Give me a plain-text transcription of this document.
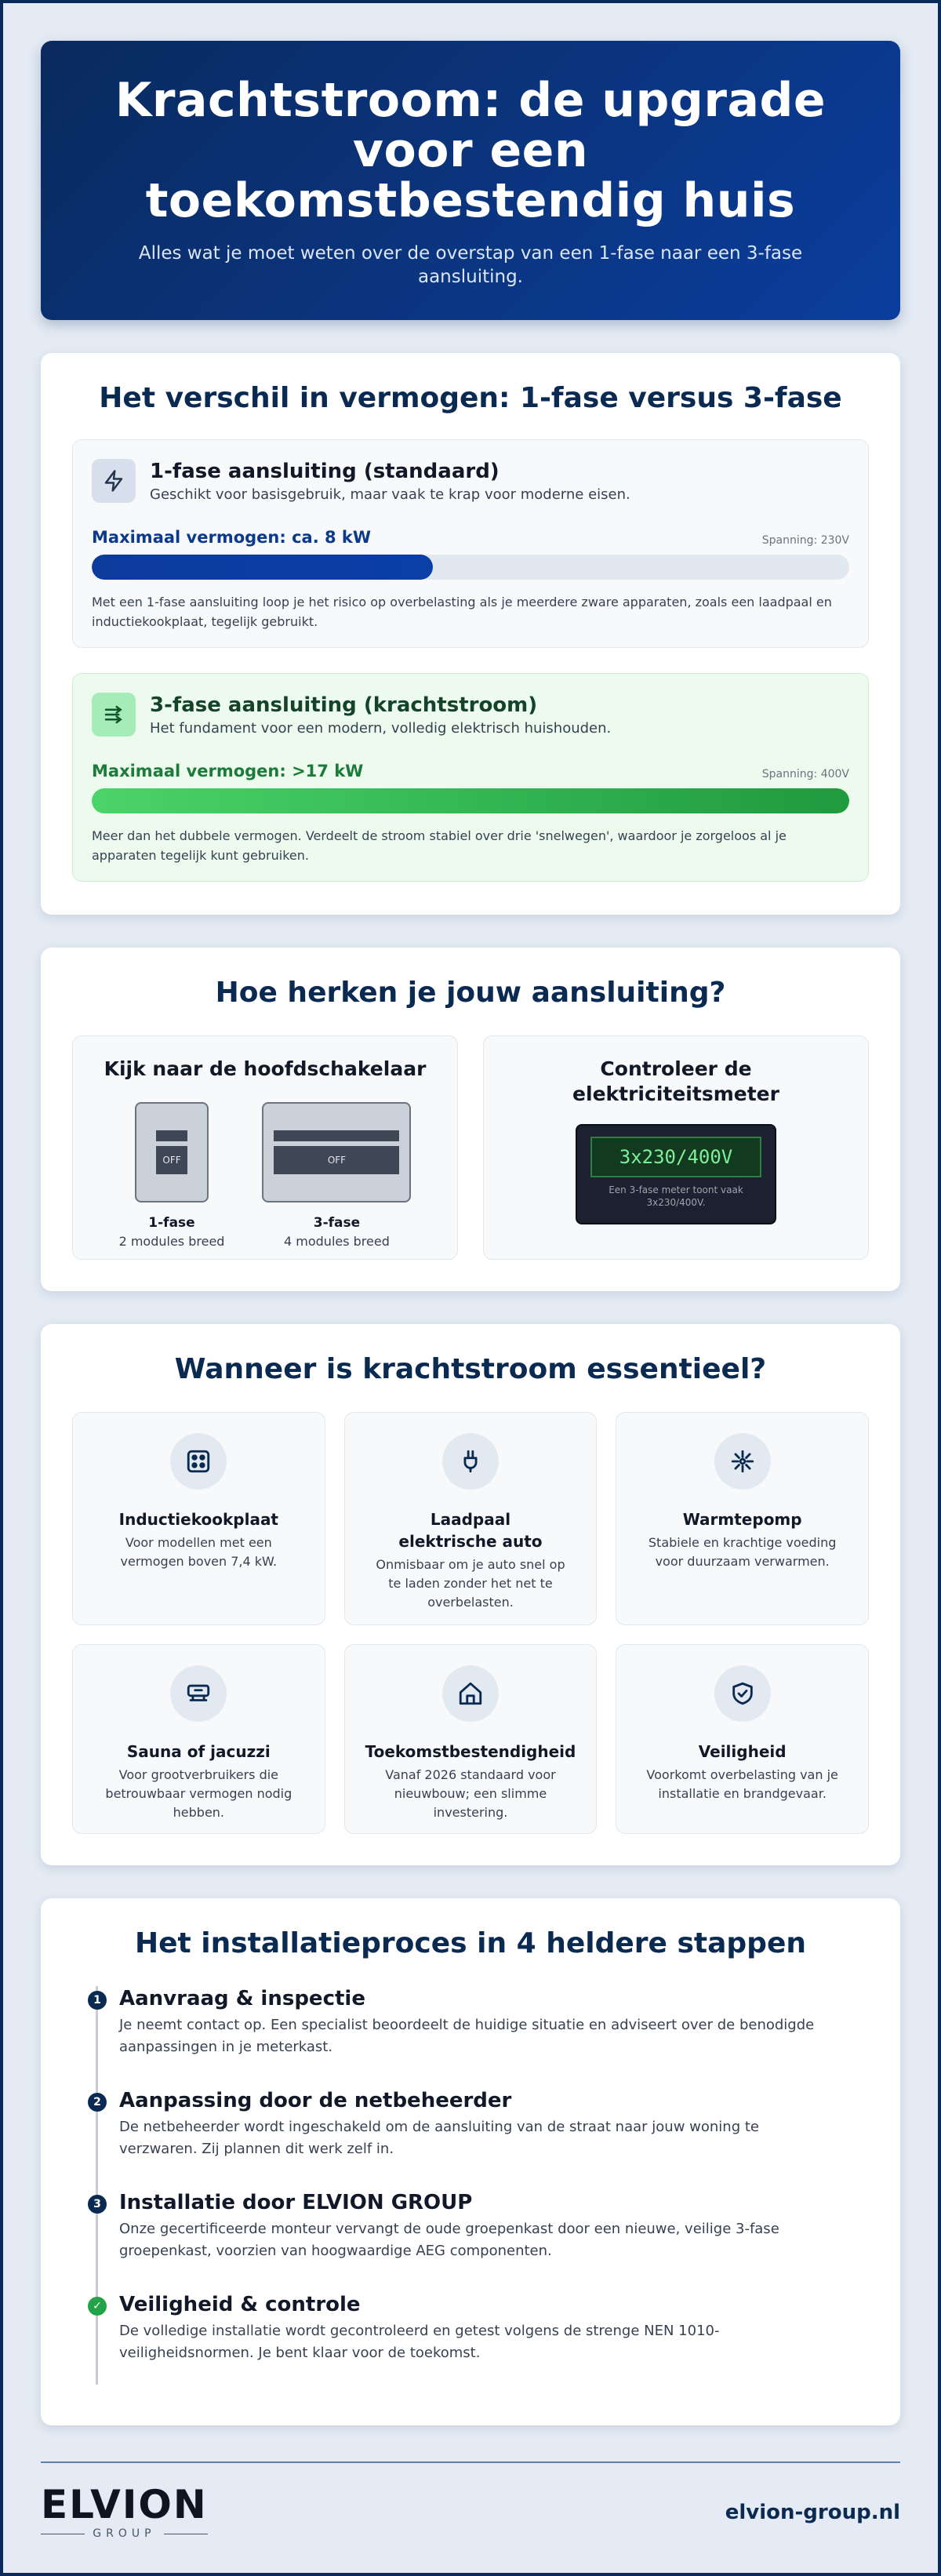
Krachtstroom: de upgrade voor een toekomstbestendig huis

Alles wat je moet weten over de overstap van een 1-fase naar een 3-fase aansluiting.

Het verschil in vermogen: 1-fase versus 3-fase
1-fase aansluiting (standaard)
Geschikt voor basisgebruik, maar vaak te krap voor moderne eisen.
Maximaal vermogen: ca. 8 kW	Spanning: 230V

Met een 1-fase aansluiting loop je het risico op overbelasting als je meerdere zware apparaten, zoals een laadpaal en inductiekookplaat, tegelijk gebruikt.

3-fase aansluiting (krachtstroom)
Het fundament voor een modern, volledig elektrisch huishouden.
Maximaal vermogen: >17 kW	Spanning: 400V

Meer dan het dubbele vermogen. Verdeelt de stroom stabiel over drie 'snelwegen', waardoor je zorgeloos al je apparaten tegelijk kunt gebruiken.

Hoe herken je jouw aansluiting?
Kijk naar de hoofdschakelaar
OFF
1-fase
2 modules breed
OFF
3-fase
4 modules breed
Controleer de elektriciteitsmeter
3x230/400V
Een 3-fase meter toont vaak 3x230/400V.
Wanneer is krachtstroom essentieel?
Inductiekookplaat

Voor modellen met een vermogen boven 7,4 kW.

Laadpaal elektrische auto

Onmisbaar om je auto snel op te laden zonder het net te overbelasten.

Warmtepomp

Stabiele en krachtige voeding voor duurzaam verwarmen.

Sauna of jacuzzi

Voor grootverbruikers die betrouwbaar vermogen nodig hebben.

Toekomstbestendigheid

Vanaf 2026 standaard voor nieuwbouw; een slimme investering.

Veiligheid

Voorkomt overbelasting van je installatie en brandgevaar.

Het installatieproces in 4 heldere stappen
1 Aanvraag & inspectie

Je neemt contact op. Een specialist beoordeelt de huidige situatie en adviseert over de benodigde aanpassingen in je meterkast.

2 Aanpassing door de netbeheerder

De netbeheerder wordt ingeschakeld om de aansluiting van de straat naar jouw woning te verzwaren. Zij plannen dit werk zelf in.

3 Installatie door ELVION GROUP

Onze gecertificeerde monteur vervangt de oude groepenkast door een nieuwe, veilige 3-fase groepenkast, voorzien van hoogwaardige AEG componenten.

✓ Veiligheid & controle

De volledige installatie wordt gecontroleerd en getest volgens de strenge NEN 1010-veiligheidsnormen. Je bent klaar voor de toekomst.

ELVION
GROUP
elvion-group.nl
